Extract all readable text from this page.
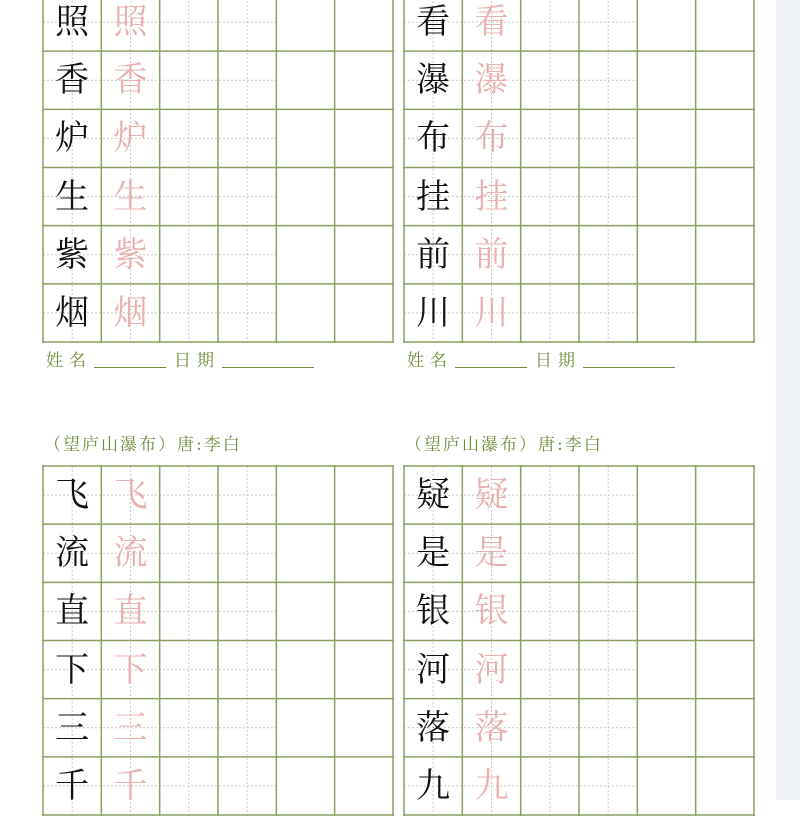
照 照
香 香
炉 炉
生 生
紫 紫
烟 烟
看 看
瀑 瀑
布 布
挂 挂
前 前
川 川
飞 飞
流 流
直 直
下 下
三 三
千 千
疑 疑
是 是
银 银
河 河
落 落
九 九
姓名	日期	姓名	日期
（望庐山瀑布）唐:李白	（望庐山瀑布）唐:李白
